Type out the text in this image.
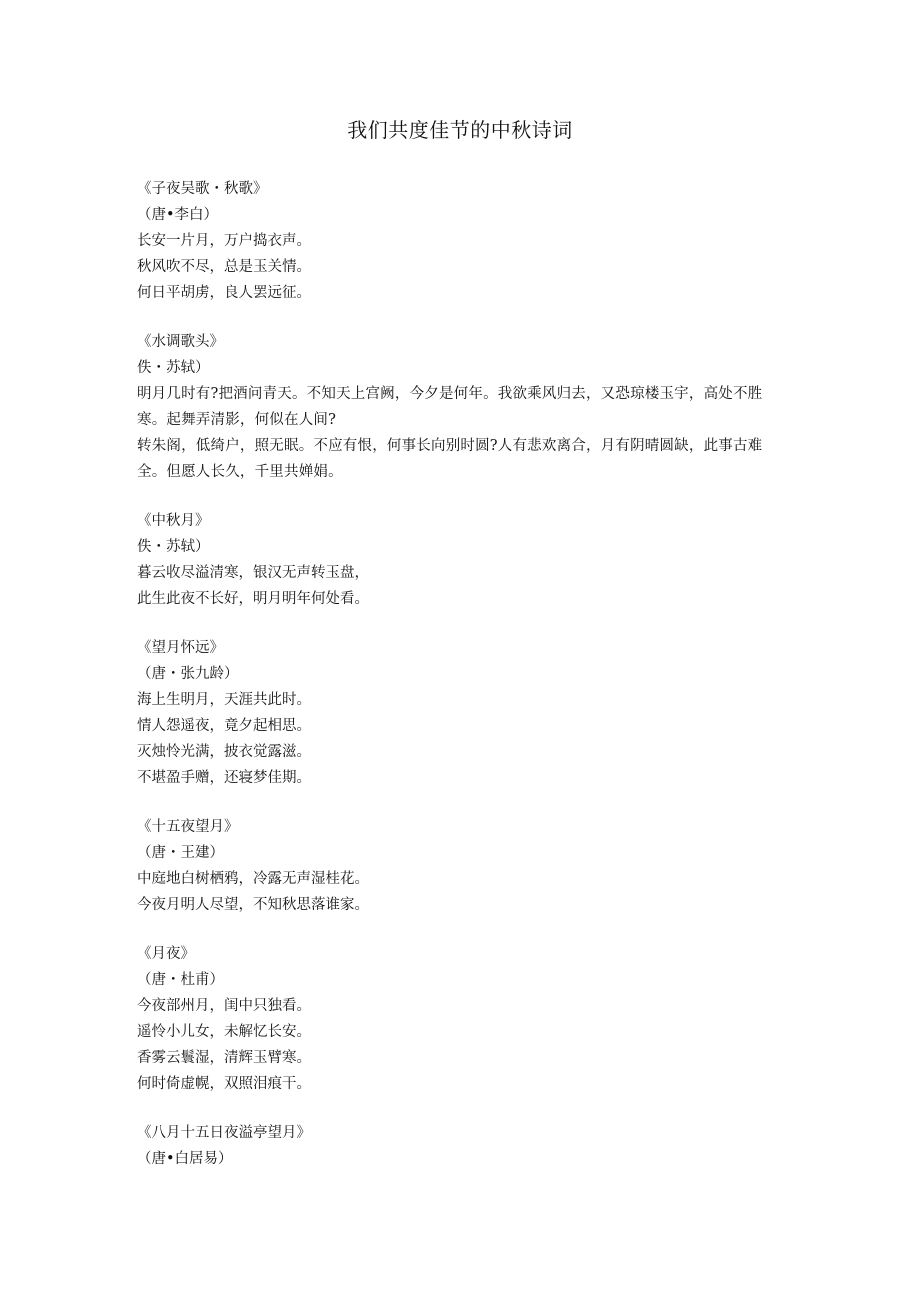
我们共度佳节的中秋诗词
《子夜吴歌・秋歌》
（唐•李白）
长安一片月，万户捣衣声。
秋风吹不尽，总是玉关情。
何日平胡虏，良人罢远征。
《水调歌头》
佚・苏轼）
明月几时有?把酒问青天。不知天上宫阙，今夕是何年。我欲乘风归去，又恐琼楼玉宇，高处不胜寒。起舞弄清影，何似在人间?
转朱阁，低绮户，照无眠。不应有恨，何事长向别时圆?人有悲欢离合，月有阴晴圆缺，此事古难全。但愿人长久，千里共婵娟。
《中秋月》
佚・苏轼）
暮云收尽溢清寒，银汉无声转玉盘，
此生此夜不长好，明月明年何处看。
《望月怀远》
（唐・张九龄）
海上生明月，天涯共此时。
情人怨遥夜，竟夕起相思。
灭烛怜光满，披衣觉露滋。
不堪盈手赠，还寝梦佳期。
《十五夜望月》
（唐・王建）
中庭地白树栖鸦，冷露无声湿桂花。
今夜月明人尽望，不知秋思落谁家。
《月夜》
（唐・杜甫）
今夜部州月，闺中只独看。
遥怜小儿女，未解忆长安。
香雾云鬟湿，清辉玉臂寒。
何时倚虚幌，双照泪痕干。
《八月十五日夜溢亭望月》
（唐•白居易）
